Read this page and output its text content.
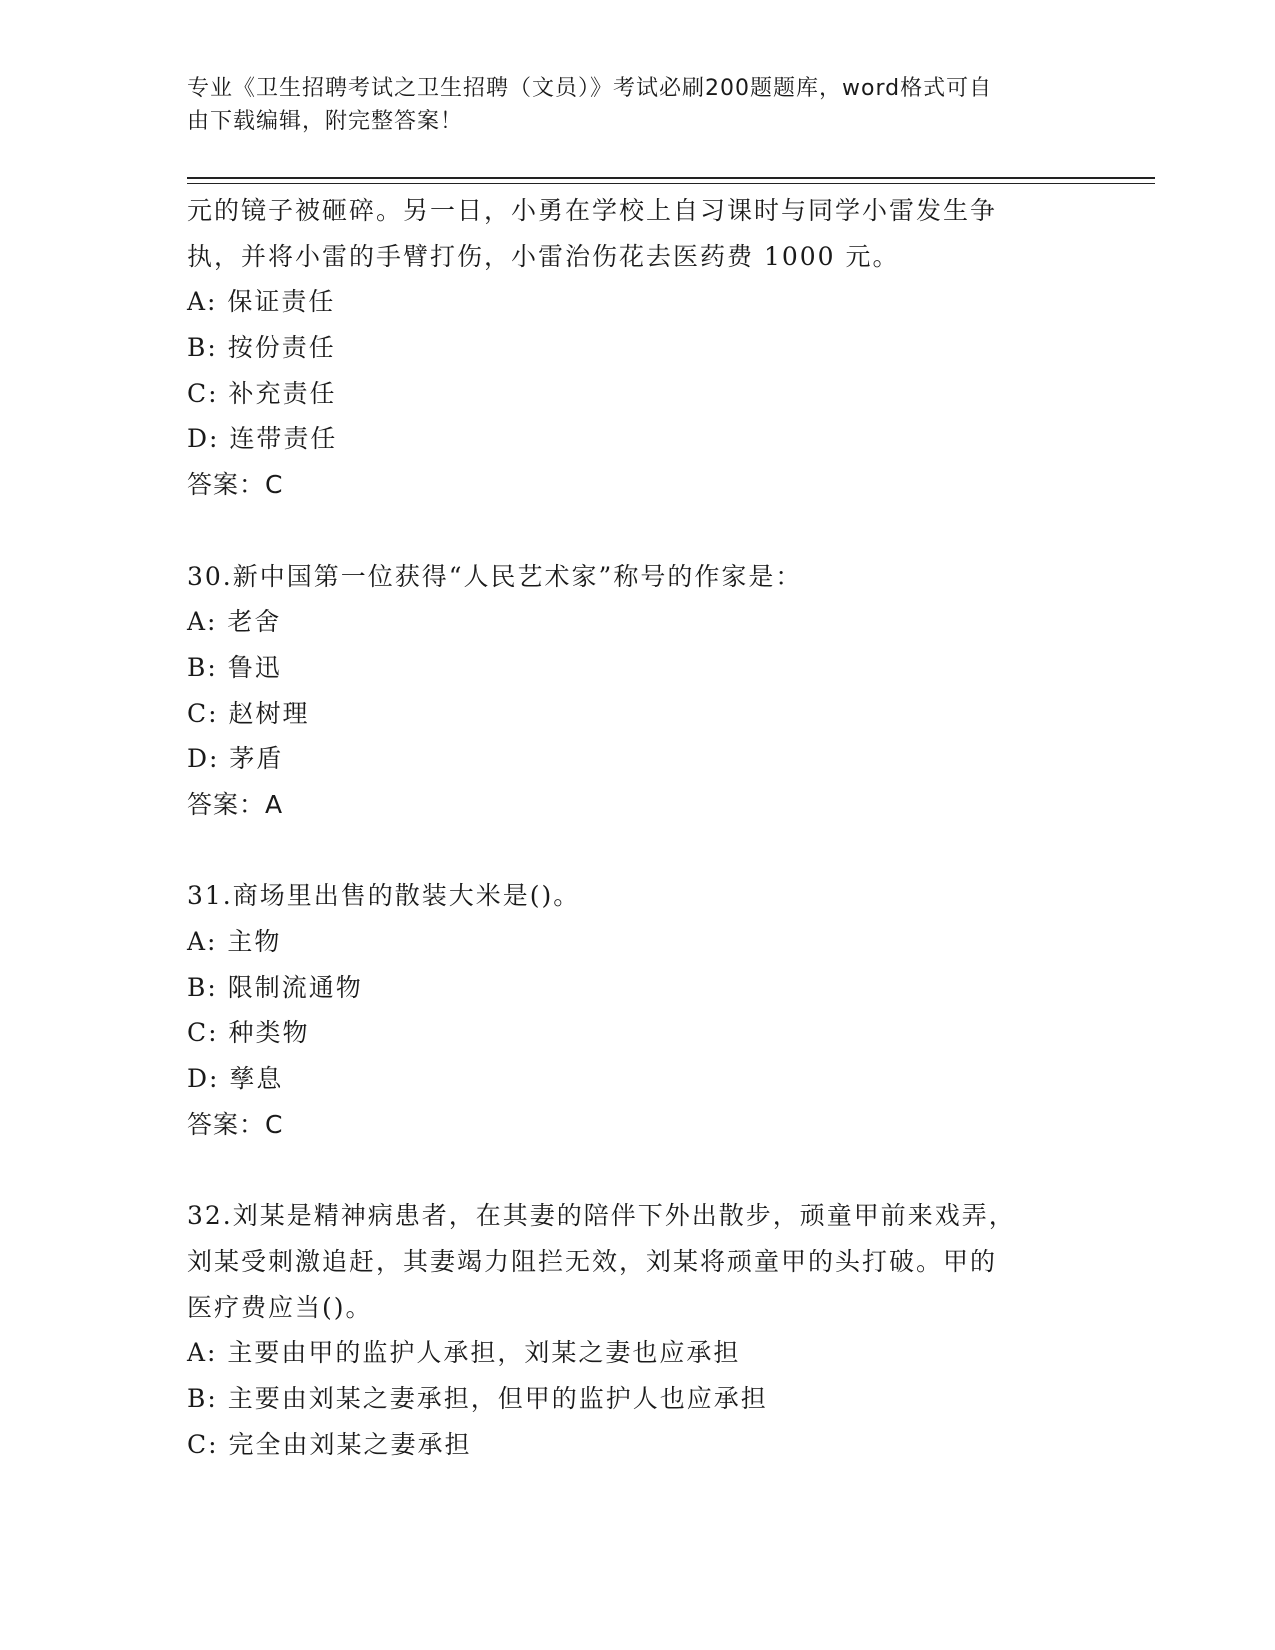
专业《卫生招聘考试之卫生招聘（文员）》考试必刷200题题库，word格式可自
由下载编辑，附完整答案！
元的镜子被砸碎。另一日，小勇在学校上自习课时与同学小雷发生争
执，并将小雷的手臂打伤，小雷治伤花去医药费 1000 元。
A: 保证责任
B: 按份责任
C: 补充责任
D: 连带责任
答案：C
30.新中国第一位获得“人民艺术家”称号的作家是：
A: 老舍
B: 鲁迅
C: 赵树理
D: 茅盾
答案：A
31.商场里出售的散装大米是()。
A: 主物
B: 限制流通物
C: 种类物
D: 孳息
答案：C
32.刘某是精神病患者，在其妻的陪伴下外出散步，顽童甲前来戏弄，
刘某受刺激追赶，其妻竭力阻拦无效，刘某将顽童甲的头打破。甲的
医疗费应当()。
A: 主要由甲的监护人承担，刘某之妻也应承担
B: 主要由刘某之妻承担，但甲的监护人也应承担
C: 完全由刘某之妻承担
